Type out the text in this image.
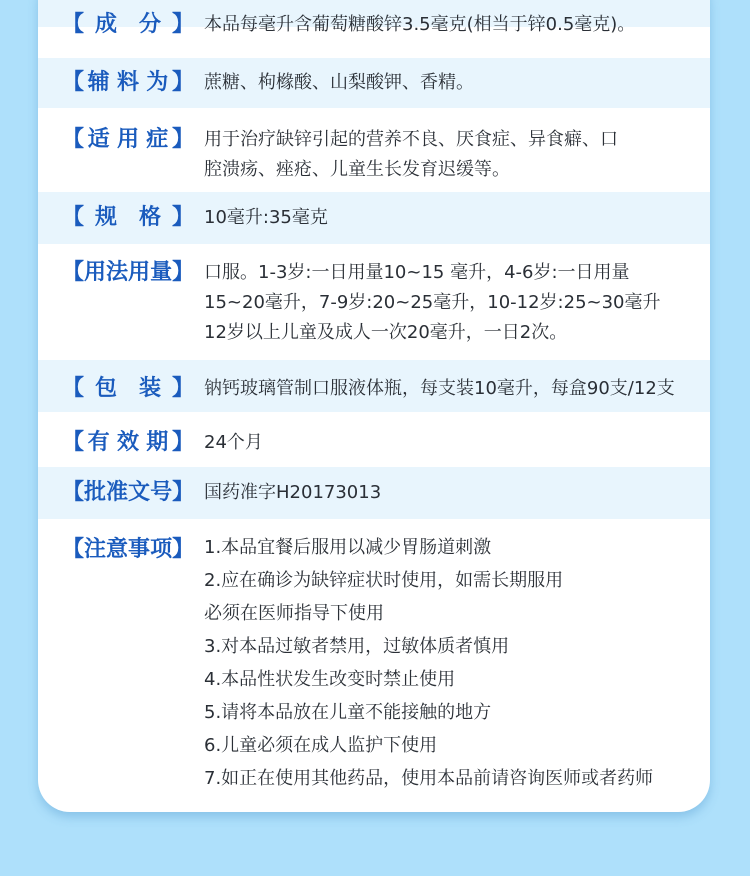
【 成 分 】 本品每毫升含葡萄糖酸锌3.5毫克(相当于锌0.5毫克)。
【 辅 料 为 】 蔗糖、枸橼酸、山梨酸钾、香精。
【 适 用 症 】 用于治疗缺锌引起的营养不良、厌食症、异食癖、口
腔溃疡、痤疮、儿童生长发育迟缓等。
【 规 格 】 10毫升:35毫克
【 用 法 用 量 】 口服。1-3岁:一日用量10~15 毫升，4-6岁:一日用量
15~20毫升，7-9岁:20~25毫升，10-12岁:25~30毫升
12岁以上儿童及成人一次20毫升，一日2次。
【 包 装 】 钠钙玻璃管制口服液体瓶，每支装10毫升，每盒90支/12支
【 有 效 期 】 24个月
【 批 准 文 号 】 国药准字H20173013
【 注 意 事 项 】 1.本品宜餐后服用以减少胃肠道刺激
2.应在确诊为缺锌症状时使用，如需长期服用
必须在医师指导下使用
3.对本品过敏者禁用，过敏体质者慎用
4.本品性状发生改变时禁止使用
5.请将本品放在儿童不能接触的地方
6.儿童必须在成人监护下使用
7.如正在使用其他药品，使用本品前请咨询医师或者药师
